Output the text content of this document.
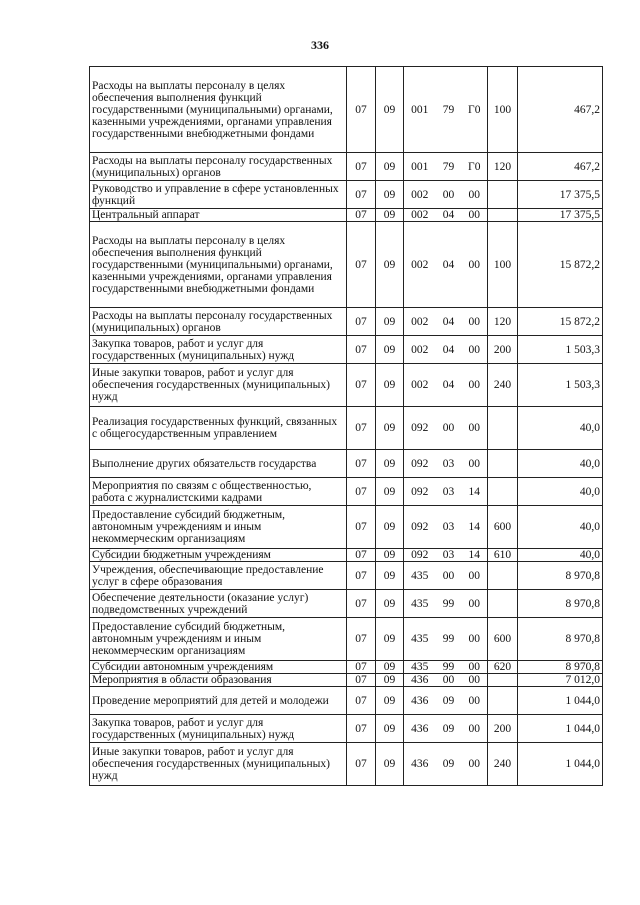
336
Расходы на выплаты персоналу в целях обеспечения выполнения функций государственными (муниципальными) органами, казенными учреждениями, органами управления государственными внебюджетными фондами	07	09	001	79	Г0	100	467,2
Расходы на выплаты персоналу государственных (муниципальных) органов	07	09	001	79	Г0	120	467,2
Руководство и управление в сфере установленных функций	07	09	002	00	00		17 375,5
Центральный аппарат	07	09	002	04	00		17 375,5
Расходы на выплаты персоналу в целях обеспечения выполнения функций государственными (муниципальными) органами, казенными учреждениями, органами управления государственными внебюджетными фондами	07	09	002	04	00	100	15 872,2
Расходы на выплаты персоналу государственных (муниципальных) органов	07	09	002	04	00	120	15 872,2
Закупка товаров, работ и услуг для государственных (муниципальных) нужд	07	09	002	04	00	200	1 503,3
Иные закупки товаров, работ и услуг для обеспечения государственных (муниципальных) нужд	07	09	002	04	00	240	1 503,3
Реализация государственных функций, связанных с общегосударственным управлением	07	09	092	00	00		40,0
Выполнение других обязательств государства	07	09	092	03	00		40,0
Мероприятия по связям с общественностью, работа с журналистскими кадрами	07	09	092	03	14		40,0
Предоставление субсидий бюджетным, автономным учреждениям и иным некоммерческим организациям	07	09	092	03	14	600	40,0
Субсидии бюджетным учреждениям	07	09	092	03	14	610	40,0
Учреждения, обеспечивающие предоставление услуг в сфере образования	07	09	435	00	00		8 970,8
Обеспечение деятельности (оказание услуг) подведомственных учреждений	07	09	435	99	00		8 970,8
Предоставление субсидий бюджетным, автономным учреждениям и иным некоммерческим организациям	07	09	435	99	00	600	8 970,8
Субсидии автономным учреждениям	07	09	435	99	00	620	8 970,8
Мероприятия в области образования	07	09	436	00	00		7 012,0
Проведение мероприятий для детей и молодежи	07	09	436	09	00		1 044,0
Закупка товаров, работ и услуг для государственных (муниципальных) нужд	07	09	436	09	00	200	1 044,0
Иные закупки товаров, работ и услуг для обеспечения государственных (муниципальных) нужд	07	09	436	09	00	240	1 044,0
